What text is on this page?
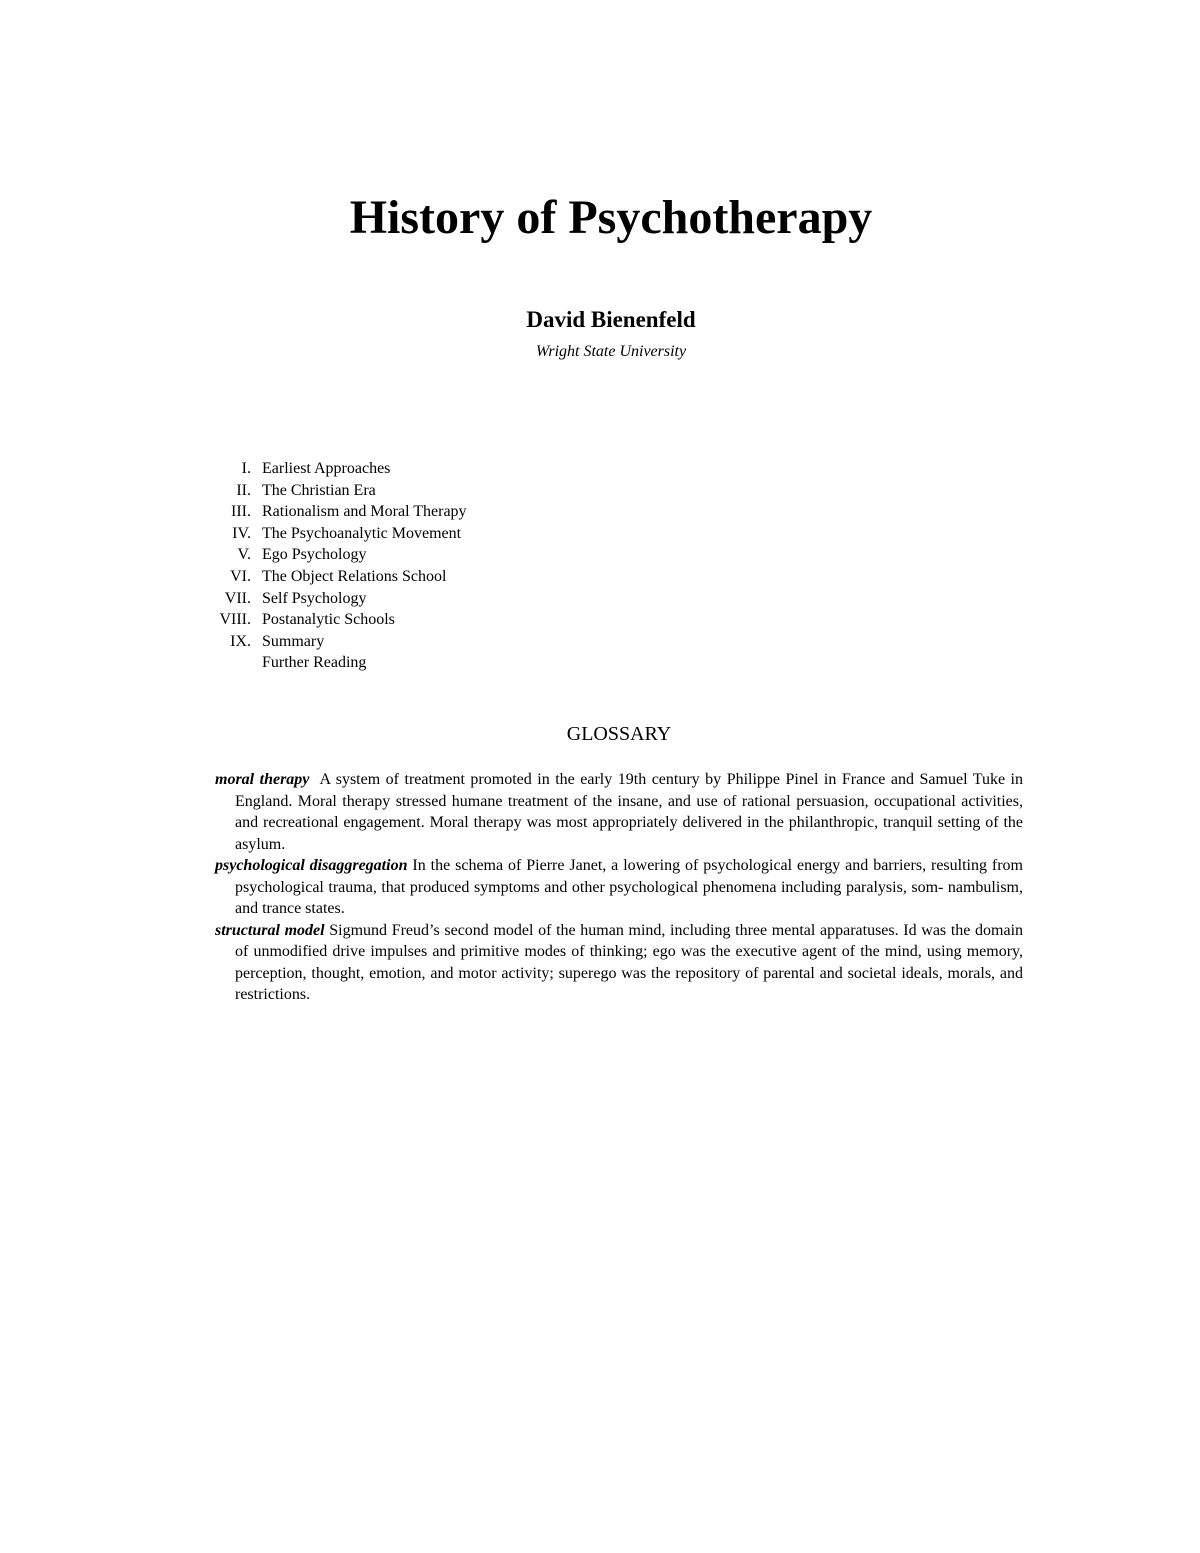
History of Psychotherapy
David Bienenfeld
Wright State University
I. Earliest Approaches
II. The Christian Era
III. Rationalism and Moral Therapy
IV. The Psychoanalytic Movement
V. Ego Psychology
VI. The Object Relations School
VII. Self Psychology
VIII. Postanalytic Schools
IX. Summary
Further Reading
GLOSSARY

moral therapy A system of treatment promoted in the early 19th century by Philippe Pinel in France and Samuel Tuke in England. Moral therapy stressed humane treatment of the insane, and use of rational persuasion, occupational activities, and recreational engagement. Moral therapy was most appropriately delivered in the philanthropic, tranquil setting of the asylum.

psychological disaggregation In the schema of Pierre Janet, a lowering of psychological energy and barriers, resulting from psychological trauma, that produced symptoms and other psychological phenomena including paralysis, som- nambulism, and trance states.

structural model Sigmund Freud’s second model of the human mind, including three mental apparatuses. Id was the domain of unmodified drive impulses and primitive modes of thinking; ego was the executive agent of the mind, using memory, perception, thought, emotion, and motor activity; superego was the repository of parental and societal ideals, morals, and restrictions.
